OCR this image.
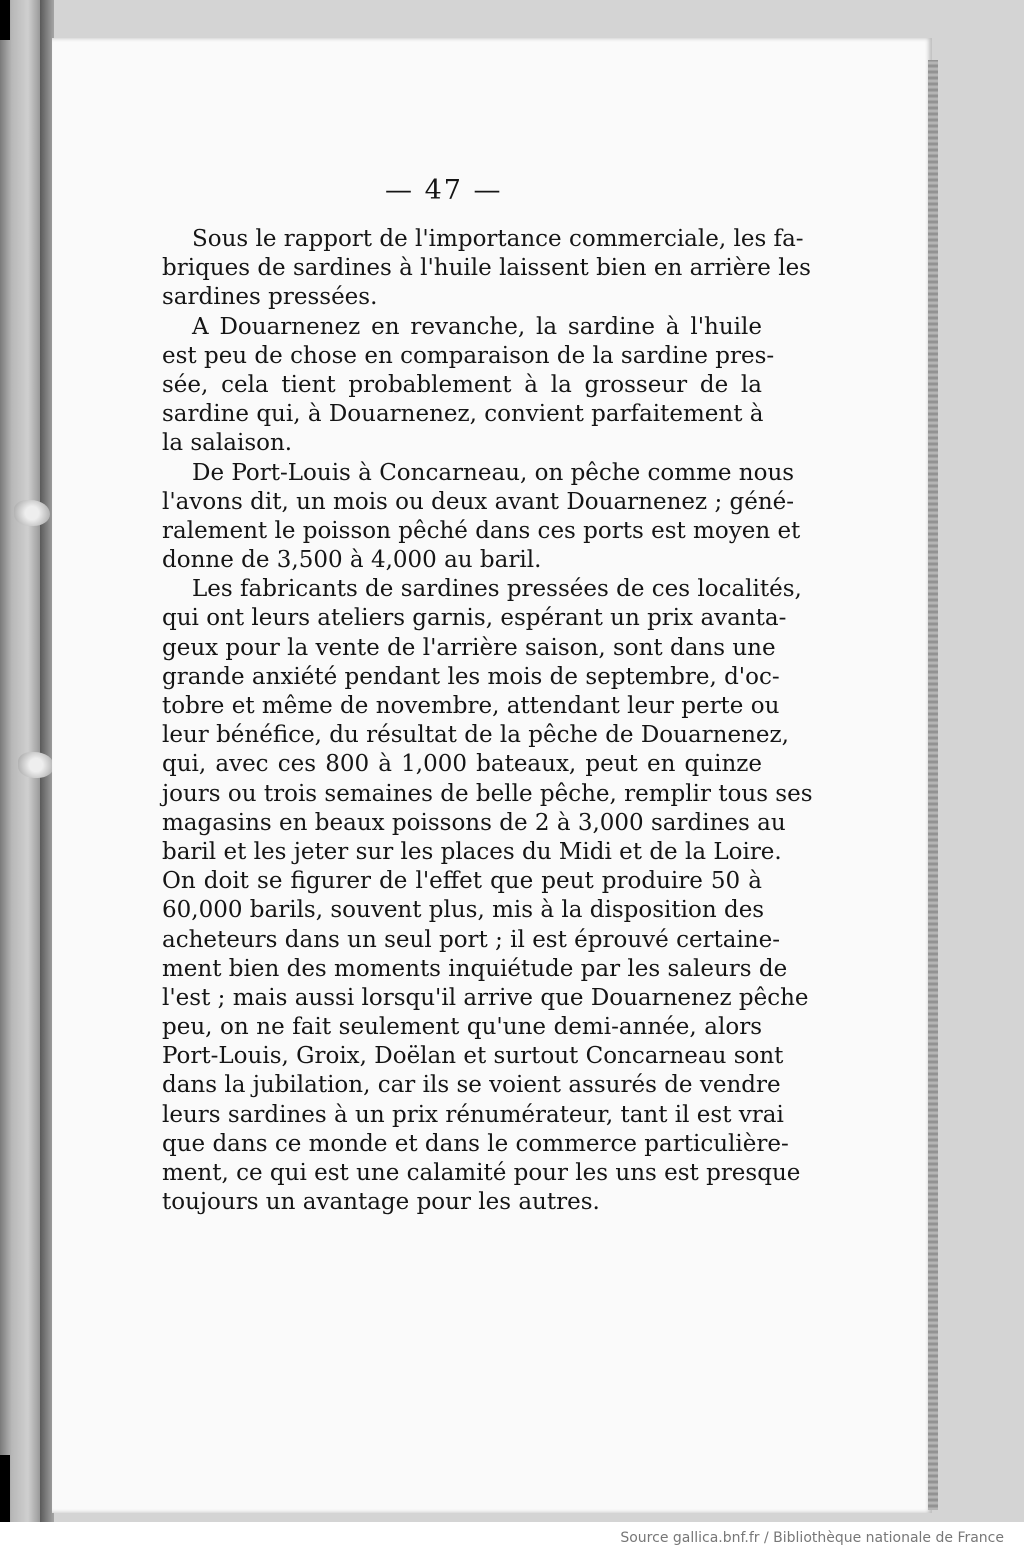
— 47 —
Sous le rapport de l'importance commerciale, les fa-
briques de sardines à l'huile laissent bien en arrière les
sardines pressées.
A Douarnenez en revanche, la sardine à l'huile
est peu de chose en comparaison de la sardine pres-
sée, cela tient probablement à la grosseur de la
sardine qui, à Douarnenez, convient parfaitement à
la salaison.
De Port-Louis à Concarneau, on pêche comme nous
l'avons dit, un mois ou deux avant Douarnenez ; géné-
ralement le poisson pêché dans ces ports est moyen et
donne de 3,500 à 4,000 au baril.
Les fabricants de sardines pressées de ces localités,
qui ont leurs ateliers garnis, espérant un prix avanta-
geux pour la vente de l'arrière saison, sont dans une
grande anxiété pendant les mois de septembre, d'oc-
tobre et même de novembre, attendant leur perte ou
leur bénéfice, du résultat de la pêche de Douarnenez,
qui, avec ces 800 à 1,000 bateaux, peut en quinze
jours ou trois semaines de belle pêche, remplir tous ses
magasins en beaux poissons de 2 à 3,000 sardines au
baril et les jeter sur les places du Midi et de la Loire.
On doit se figurer de l'effet que peut produire 50 à
60,000 barils, souvent plus, mis à la disposition des
acheteurs dans un seul port ; il est éprouvé certaine-
ment bien des moments inquiétude par les saleurs de
l'est ; mais aussi lorsqu'il arrive que Douarnenez pêche
peu, on ne fait seulement qu'une demi-année, alors
Port-Louis, Groix, Doëlan et surtout Concarneau sont
dans la jubilation, car ils se voient assurés de vendre
leurs sardines à un prix rénumérateur, tant il est vrai
que dans ce monde et dans le commerce particulière-
ment, ce qui est une calamité pour les uns est presque
toujours un avantage pour les autres.
Source gallica.bnf.fr / Bibliothèque nationale de France
